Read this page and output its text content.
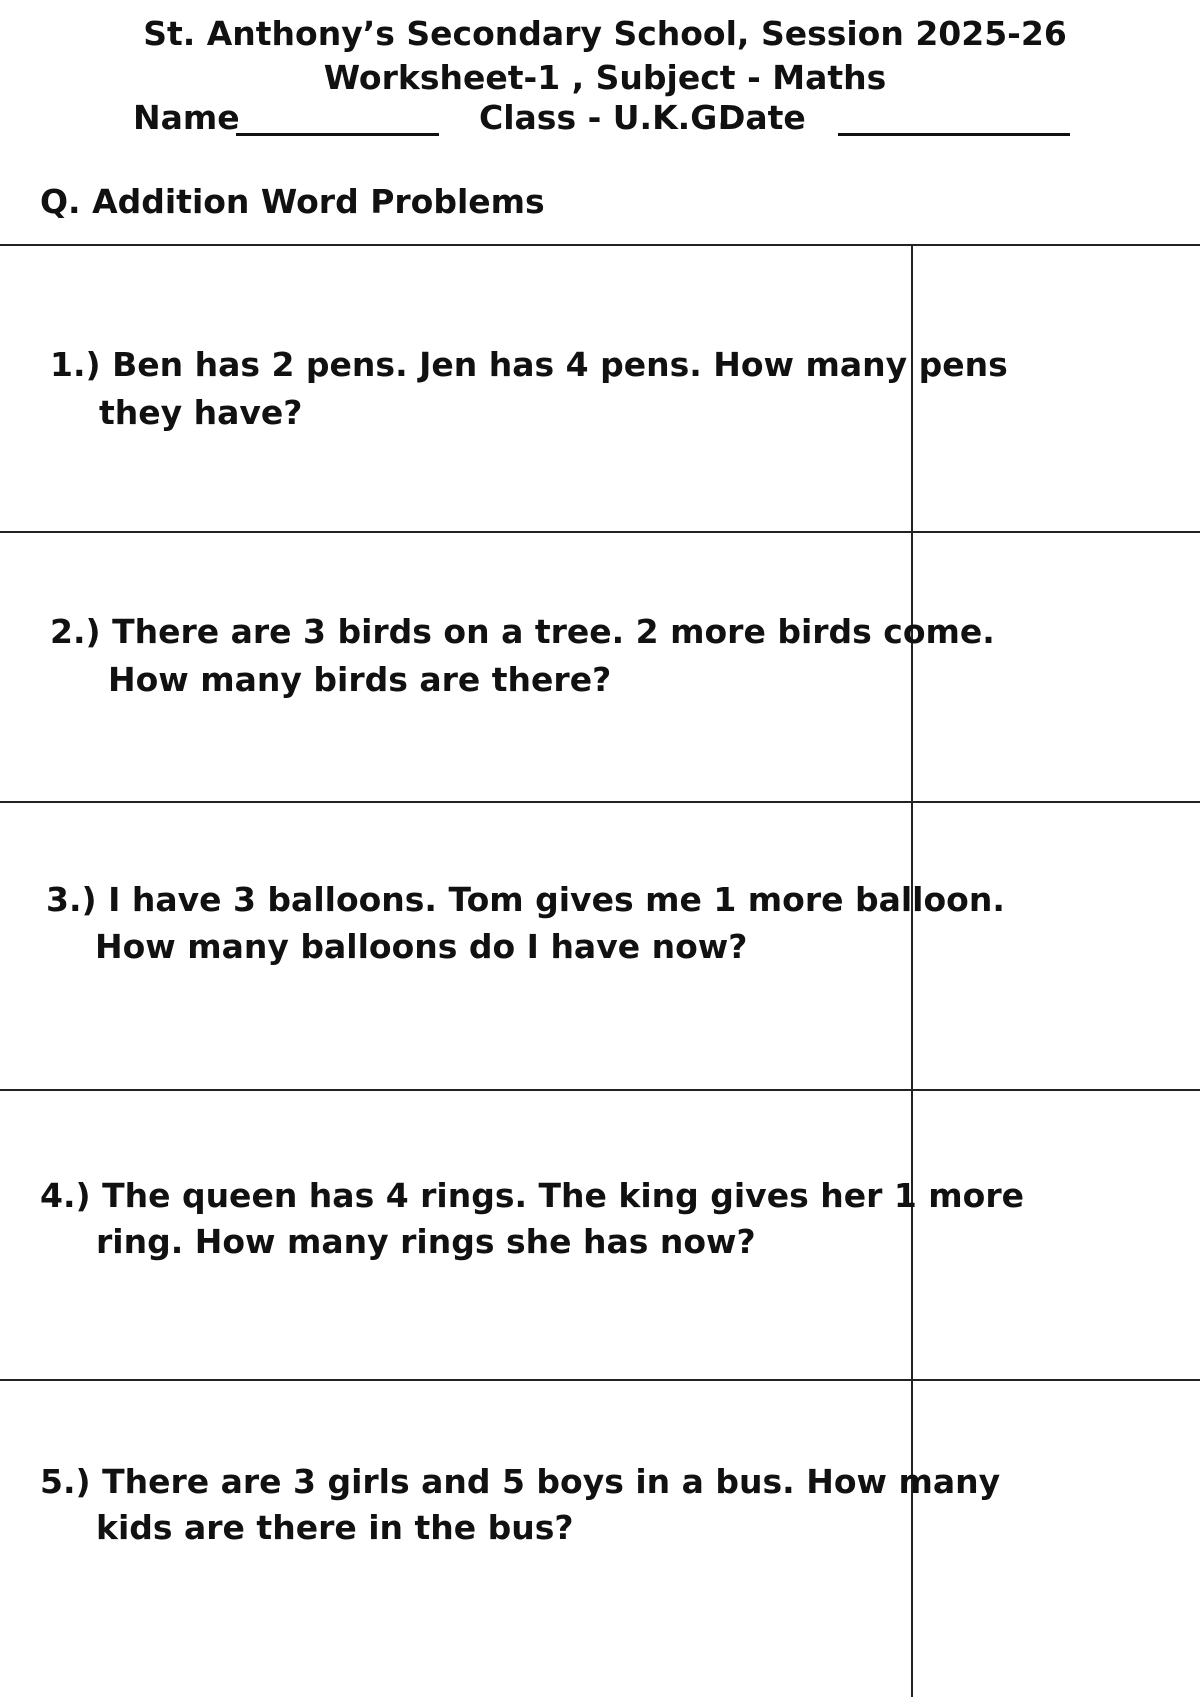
St. Anthony’s Secondary School, Session 2025-26
Worksheet-1 , Subject - Maths
Name	Class - U.K.G.
Date
Q. Addition Word Problems
1.) Ben has 2 pens. Jen has 4 pens. How many pens
they have?
2.) There are 3 birds on a tree. 2 more birds come.
How many birds are there?
3.) I have 3 balloons. Tom gives me 1 more balloon.
How many balloons do I have now?
4.) The queen has 4 rings. The king gives her 1 more
ring. How many rings she has now?
5.) There are 3 girls and 5 boys in a bus. How many
kids are there in the bus?
